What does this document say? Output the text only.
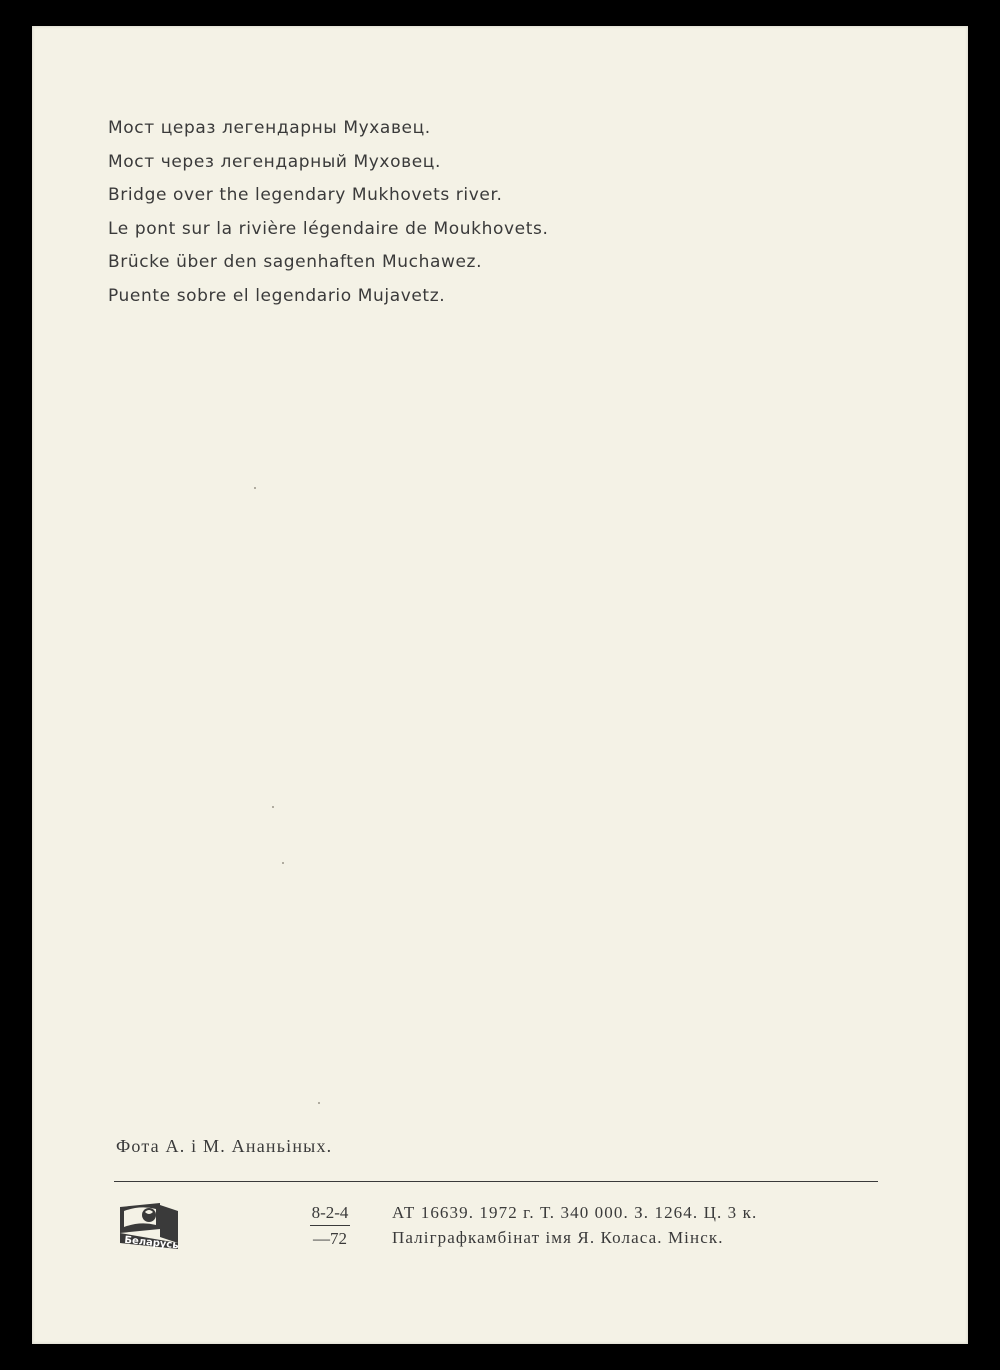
Мост цераз легендарны Мухавец.
Мост через легендарный Муховец.
Bridge over the legendary Mukhovets river.
Le pont sur la rivière légendaire de Moukhovets.
Brücke über den sagenhaften Muchawez.
Puente sobre el legendario Mujavetz.
Фота А. і М. Ананьіных.
Беларусь
8-2-4
—72
АТ 16639. 1972 г. Т. 340 000. З. 1264. Ц. 3 к.
Паліграфкамбінат імя Я. Коласа. Мінск.
